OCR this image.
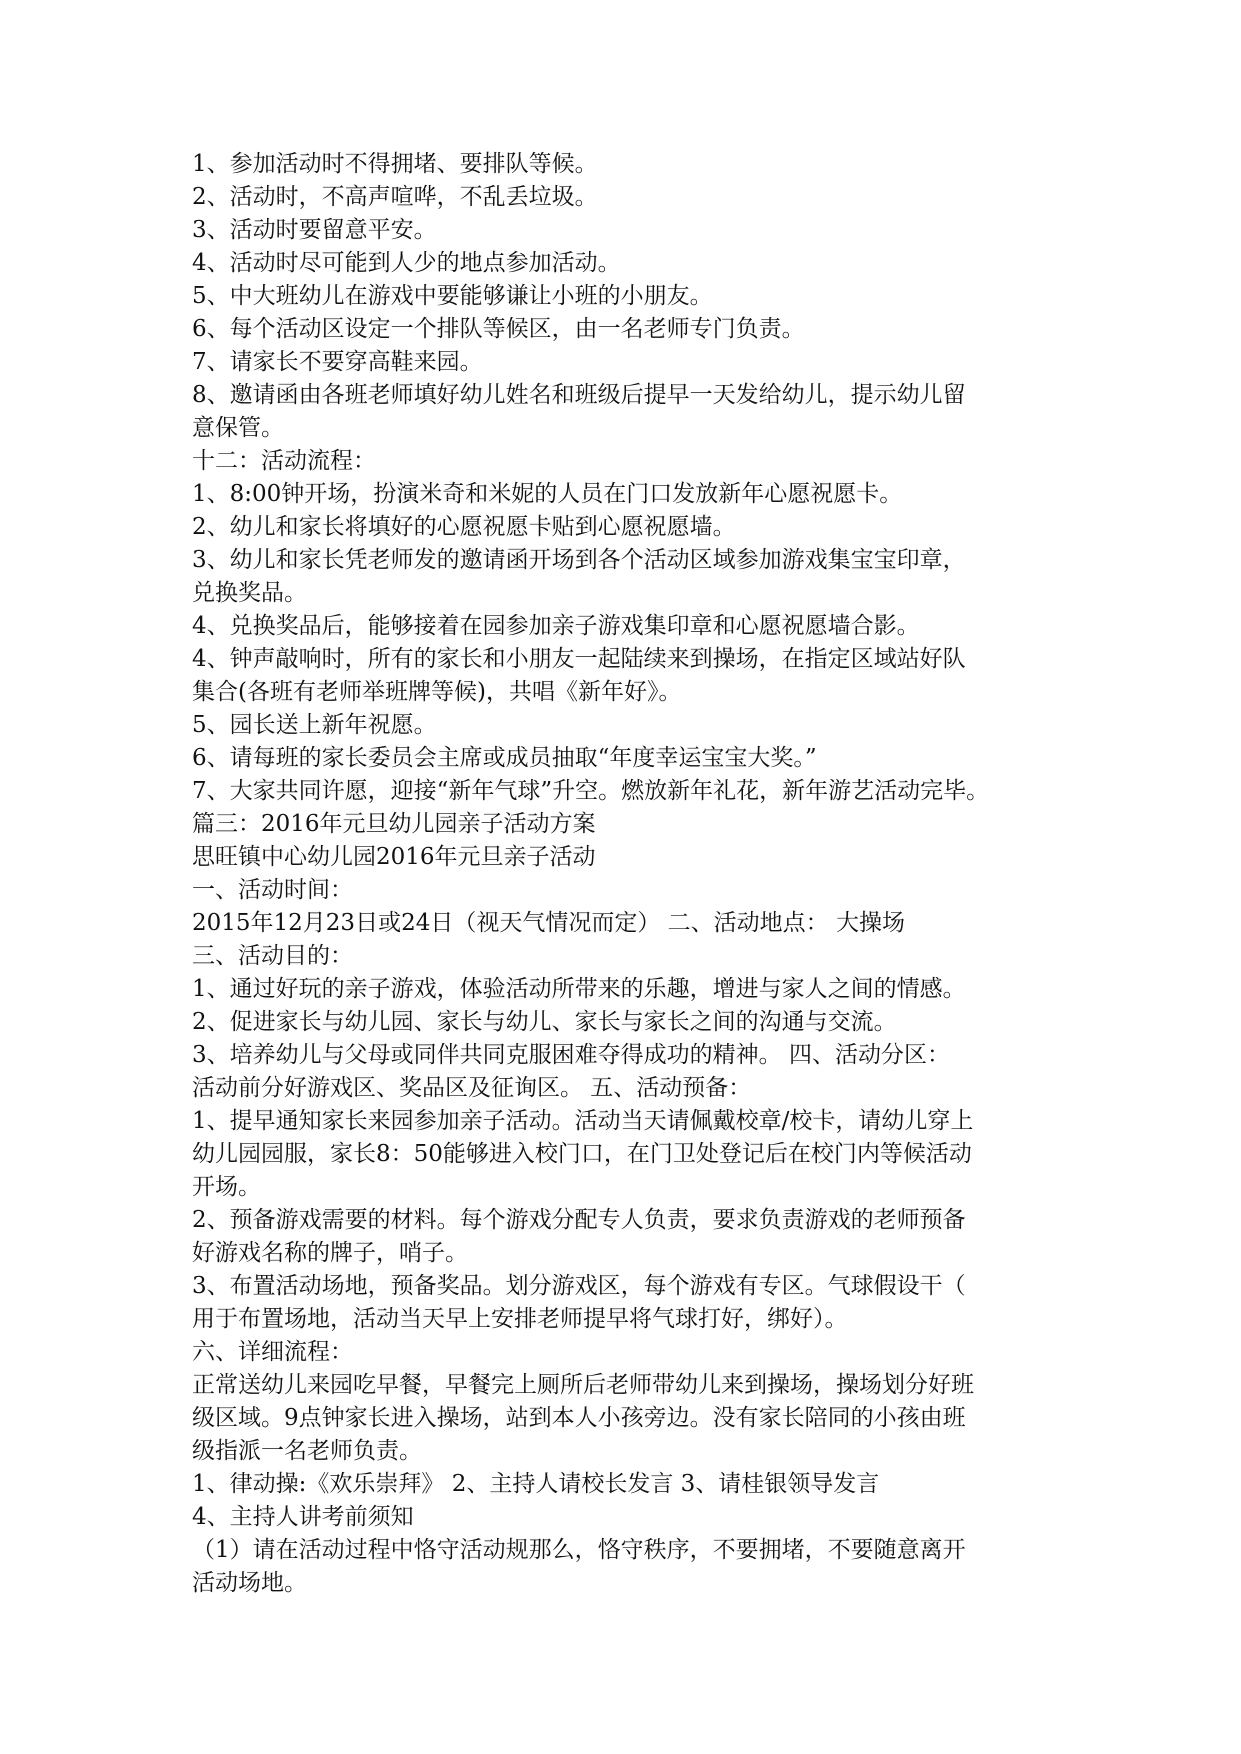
1、参加活动时不得拥堵、要排队等候。

2、活动时，不高声喧哗，不乱丢垃圾。

3、活动时要留意平安。

4、活动时尽可能到人少的地点参加活动。

5、中大班幼儿在游戏中要能够谦让小班的小朋友。

6、每个活动区设定一个排队等候区，由一名老师专门负责。

7、请家长不要穿高鞋来园。

8、邀请函由各班老师填好幼儿姓名和班级后提早一天发给幼儿，提示幼儿留

意保管。

十二：活动流程：

1、8:00钟开场，扮演米奇和米妮的人员在门口发放新年心愿祝愿卡。

2、幼儿和家长将填好的心愿祝愿卡贴到心愿祝愿墙。

3、幼儿和家长凭老师发的邀请函开场到各个活动区域参加游戏集宝宝印章，

兑换奖品。

4、兑换奖品后，能够接着在园参加亲子游戏集印章和心愿祝愿墙合影。

4、钟声敲响时，所有的家长和小朋友一起陆续来到操场，在指定区域站好队

集合(各班有老师举班牌等候)，共唱《新年好》。

5、园长送上新年祝愿。

6、请每班的家长委员会主席或成员抽取“年度幸运宝宝大奖。”

7、大家共同许愿，迎接“新年气球”升空。燃放新年礼花，新年游艺活动完毕。

篇三：2016年元旦幼儿园亲子活动方案

思旺镇中心幼儿园2016年元旦亲子活动

一、活动时间：

2015年12月23日或24日（视天气情况而定） 二、活动地点： 大操场

三、活动目的：

1、通过好玩的亲子游戏，体验活动所带来的乐趣，增进与家人之间的情感。

2、促进家长与幼儿园、家长与幼儿、家长与家长之间的沟通与交流。

3、培养幼儿与父母或同伴共同克服困难夺得成功的精神。 四、活动分区：

活动前分好游戏区、奖品区及征询区。 五、活动预备：

1、提早通知家长来园参加亲子活动。活动当天请佩戴校章/校卡，请幼儿穿上

幼儿园园服，家长8：50能够进入校门口，在门卫处登记后在校门内等候活动

开场。

2、预备游戏需要的材料。每个游戏分配专人负责，要求负责游戏的老师预备

好游戏名称的牌子，哨子。

3、布置活动场地，预备奖品。划分游戏区，每个游戏有专区。气球假设干（

用于布置场地，活动当天早上安排老师提早将气球打好，绑好）。

六、详细流程：

正常送幼儿来园吃早餐，早餐完上厕所后老师带幼儿来到操场，操场划分好班

级区域。9点钟家长进入操场，站到本人小孩旁边。没有家长陪同的小孩由班

级指派一名老师负责。

1、律动操:《欢乐崇拜》 2、主持人请校长发言 3、请桂银领导发言

4、主持人讲考前须知

（1）请在活动过程中恪守活动规那么，恪守秩序，不要拥堵，不要随意离开

活动场地。
